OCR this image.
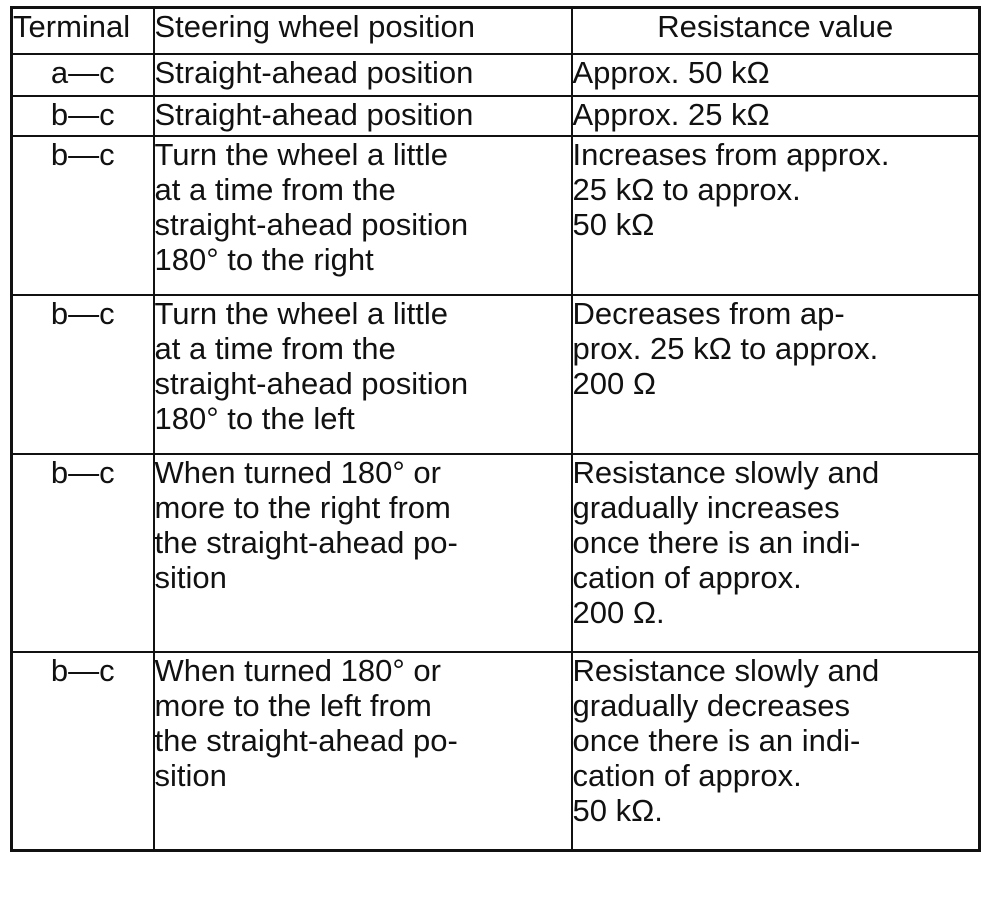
Terminal	Steering wheel position	Resistance value
a—c	Straight-ahead position	Approx. 50 kΩ

b—c	Straight-ahead position	Approx. 25 kΩ

b—c	Turn the wheel a little
at a time from the
straight-ahead position
180° to the right	Increases from approx.
25 kΩ to approx.
50 kΩ

b—c	Turn the wheel a little
at a time from the
straight-ahead position
180° to the left	Decreases from ap-
prox. 25 kΩ to approx.
200 Ω

b—c	When turned 180° or
more to the right from
the straight-ahead po-
sition	Resistance slowly and
gradually increases
once there is an indi-
cation of approx.
200 Ω.

b—c	When turned 180° or
more to the left from
the straight-ahead po-
sition	Resistance slowly and
gradually decreases
once there is an indi-
cation of approx.
50 kΩ.
